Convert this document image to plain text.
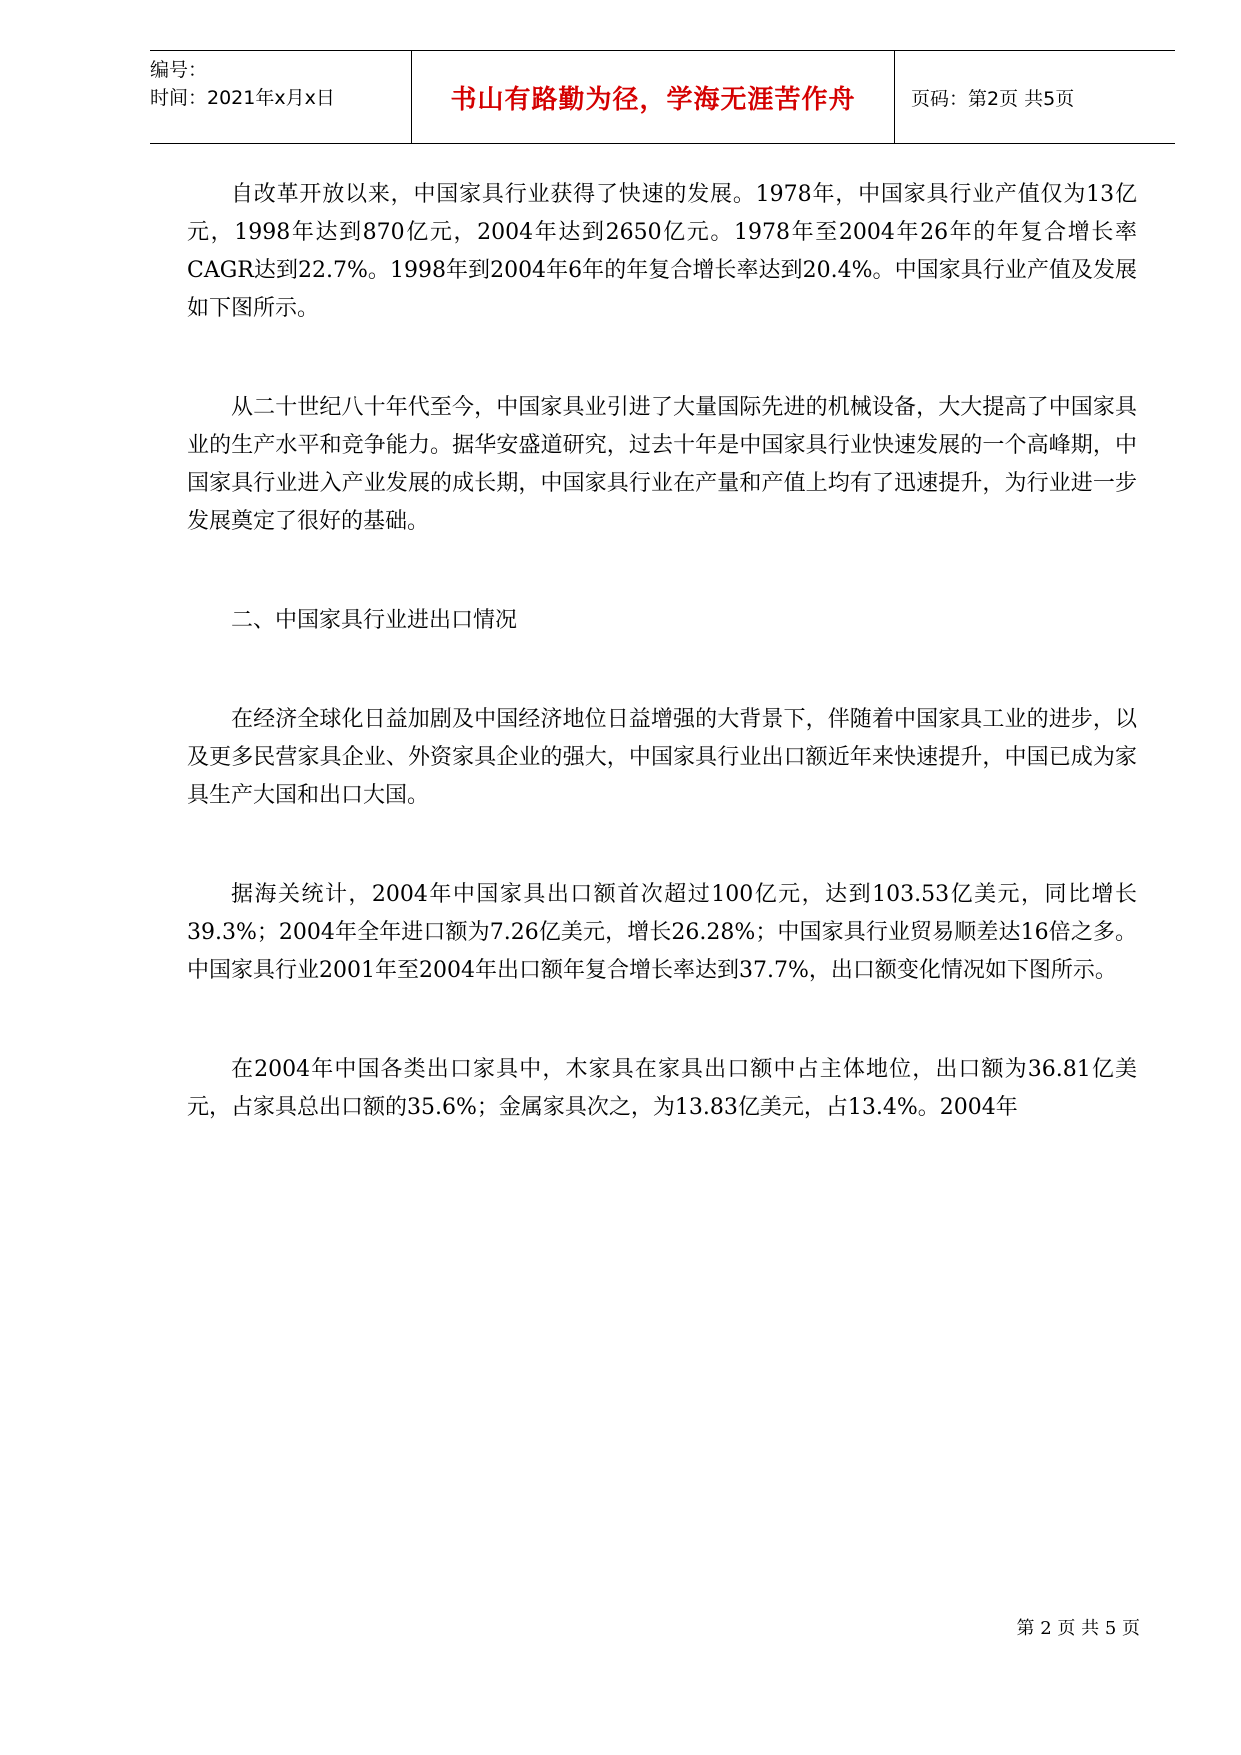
编号：
时间：2021年x月x日	书山有路勤为径，学海无涯苦作舟	页码：第2页 共5页

自改革开放以来，中国家具行业获得了快速的发展。1978年，中国家具行业产值仅为13亿元，1998年达到870亿元，2004年达到2650亿元。1978年至2004年26年的年复合增长率CAGR达到22.7%。1998年到2004年6年的年复合增长率达到20.4%。中国家具行业产值及发展如下图所示。

从二十世纪八十年代至今，中国家具业引进了大量国际先进的机械设备，大大提高了中国家具业的生产水平和竞争能力。据华安盛道研究，过去十年是中国家具行业快速发展的一个高峰期，中国家具行业进入产业发展的成长期，中国家具行业在产量和产值上均有了迅速提升，为行业进一步发展奠定了很好的基础。

二、中国家具行业进出口情况

在经济全球化日益加剧及中国经济地位日益增强的大背景下，伴随着中国家具工业的进步，以及更多民营家具企业、外资家具企业的强大，中国家具行业出口额近年来快速提升，中国已成为家具生产大国和出口大国。

据海关统计，2004年中国家具出口额首次超过100亿元，达到103.53亿美元，同比增长39.3%；2004年全年进口额为7.26亿美元，增长26.28%；中国家具行业贸易顺差达16倍之多。中国家具行业2001年至2004年出口额年复合增长率达到37.7%，出口额变化情况如下图所示。

在2004年中国各类出口家具中，木家具在家具出口额中占主体地位，出口额为36.81亿美元，占家具总出口额的35.6%；金属家具次之，为13.83亿美元，占13.4%。2004年

第 2 页 共 5 页
